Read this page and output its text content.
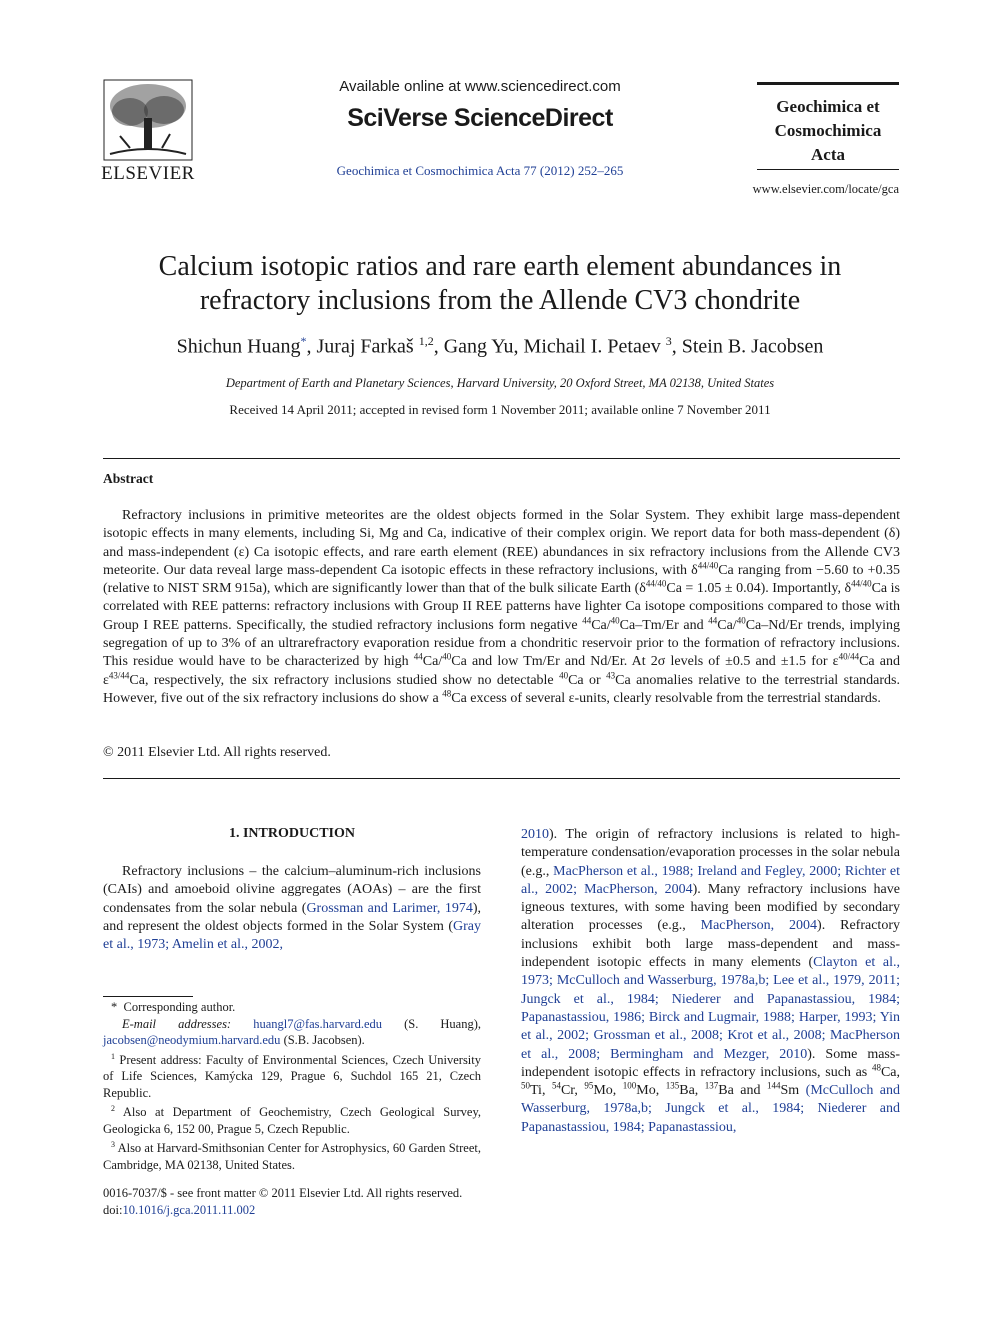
ELSEVIER
Available online at www.sciencedirect.com
SciVerse ScienceDirect
Geochimica et Cosmochimica Acta 77 (2012) 252–265
Geochimica et
Cosmochimica
Acta
www.elsevier.com/locate/gca
Calcium isotopic ratios and rare earth element abundances in
refractory inclusions from the Allende CV3 chondrite
Shichun Huang*, Juraj Farkaš $^{1,2}$, Gang Yu, Michail I. Petaev $^3$, Stein B. Jacobsen
Department of Earth and Planetary Sciences, Harvard University, 20 Oxford Street, MA 02138, United States
Received 14 April 2011; accepted in revised form 1 November 2011; available online 7 November 2011
Abstract

Refractory inclusions in primitive meteorites are the oldest objects formed in the Solar System. They exhibit large mass-dependent isotopic effects in many elements, including Si, Mg and Ca, indicative of their complex origin. We report data for both mass-dependent (δ) and mass-independent (ε) Ca isotopic effects, and rare earth element (REE) abundances in six refractory inclusions from the Allende CV3 meteorite. Our data reveal large mass-dependent Ca isotopic effects in these refractory inclusions, with $\delta^{44/40}Ca$ ranging from −5.60 to +0.35 (relative to NIST SRM 915a), which are significantly lower than that of the bulk silicate Earth $(\delta^{44/40}Ca = 1.05 \pm 0.04)$. Importantly, $\delta^{44/40}Ca$ is correlated with REE patterns: refractory inclusions with Group II REE patterns have lighter Ca isotope compositions compared to those with Group I REE patterns. Specifically, the studied refractory inclusions form negative $^{44}$Ca/$^{40}$Ca–Tm/Er and $^{44}$Ca/$^{40}$Ca–Nd/Er trends, implying segregation of up to 3% of an ultrarefractory evaporation residue from a chondritic reservoir prior to the formation of refractory inclusions. This residue would have to be characterized by high $^{44}$Ca/$^{40}$Ca and low Tm/Er and Nd/Er. At 2σ levels of ±0.5 and ±1.5 for $\varepsilon^{40/44}Ca$ and $\varepsilon^{43/44}Ca$, respectively, the six refractory inclusions studied show no detectable $^{40}$Ca or $^{43}$Ca anomalies relative to the terrestrial standards. However, five out of the six refractory inclusions do show a $^{48}$Ca excess of several ε-units, clearly resolvable from the terrestrial standards.

© 2011 Elsevier Ltd. All rights reserved.
1. INTRODUCTION

Refractory inclusions – the calcium–aluminum-rich inclusions (CAIs) and amoeboid olivine aggregates (AOAs) – are the first condensates from the solar nebula (Grossman and Larimer, 1974), and represent the oldest objects formed in the Solar System (Gray et al., 1973; Amelin et al., 2002,

* Corresponding author.
E-mail addresses: huangl7@fas.harvard.edu (S. Huang), jacobsen@neodymium.harvard.edu (S.B. Jacobsen).
$^1$ Present address: Faculty of Environmental Sciences, Czech University of Life Sciences, Kamýcka 129, Prague 6, Suchdol 165 21, Czech Republic.
$^2$ Also at Department of Geochemistry, Czech Geological Survey, Geologicka 6, 152 00, Prague 5, Czech Republic.
$^3$ Also at Harvard-Smithsonian Center for Astrophysics, 60 Garden Street, Cambridge, MA 02138, United States.
0016-7037/$ - see front matter © 2011 Elsevier Ltd. All rights reserved.
doi:10.1016/j.gca.2011.11.002

2010). The origin of refractory inclusions is related to high-temperature condensation/evaporation processes in the solar nebula (e.g., MacPherson et al., 1988; Ireland and Fegley, 2000; Richter et al., 2002; MacPherson, 2004). Many refractory inclusions have igneous textures, with some having been modified by secondary alteration processes (e.g., MacPherson, 2004). Refractory inclusions exhibit both large mass-dependent and mass-independent isotopic effects in many elements (Clayton et al., 1973; McCulloch and Wasserburg, 1978a,b; Lee et al., 1979, 2011; Jungck et al., 1984; Niederer and Papanastassiou, 1984; Papanastassiou, 1986; Birck and Lugmair, 1988; Harper, 1993; Yin et al., 2002; Grossman et al., 2008; Krot et al., 2008; MacPherson et al., 2008; Bermingham and Mezger, 2010). Some mass-independent isotopic effects in refractory inclusions, such as $^{48}$Ca, $^{50}$Ti, $^{54}$Cr, $^{95}$Mo, $^{100}$Mo, $^{135}$Ba, $^{137}$Ba and $^{144}$Sm (McCulloch and Wasserburg, 1978a,b; Jungck et al., 1984; Niederer and Papanastassiou, 1984; Papanastassiou,
